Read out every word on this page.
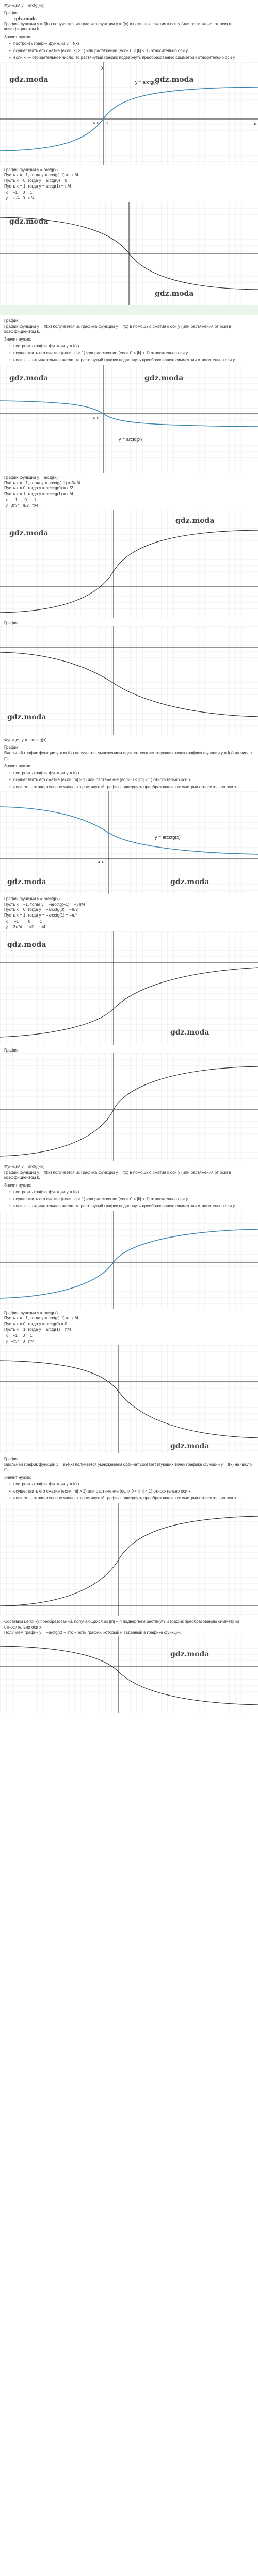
Функция y = arctg(−x)
График:
gdz.moda
График функции y = f(kx) получается из графика функции y = f(x) в помощью сжатия к оси y (или растяжения от оси) в коэффициентом k.
Значит нужно:
• построить график функции y = f(x)
• осуществить его сжатие (если |k| > 1) или растяжение (если 0 < |k| < 1) относительно оси y
• если k — отрицательное число, то растянутый график подвернуть преобразованию симметрии относительно оси y
y
x
y = arctg(x)
gdz.moda	gdz.moda
−4 0 1
График функции y = arctg(x)
Пусть x = −1, тогда y = arctg(−1) = −π/4
Пусть x = 0, тогда y = arctg(0) = 0
Пусть x = 1, тогда y = arctg(1) = π/4
x	−1	0	1
y	−π/4	0	π/4
gdz.moda
gdz.moda
График:
График функции y = f(kx) получается из графика функции y = f(x) в помощью сжатия к оси y (или растяжения от оси) в коэффициентом k.
Значит нужно:
• построить график функции y = f(x)
• осуществить его сжатие (если |k| > 1) или растяжение (если 0 < |k| < 1) относительно оси y
• если k — отрицательное число, то растянутый график подвернуть преобразованию симметрии относительно оси y
y = arctg(x)
gdz.moda	gdz.moda
−4 0
График функции y = arctg(x)
Пусть x = −1, тогда y = arcctg(−1) = 3π/4
Пусть x = 0, тогда y = arcctg(0) = π/2
Пусть x = 1, тогда y = arcctg(1) = π/4
x	−1	0	1
y	3π/4	π/2	π/4
gdz.moda
gdz.moda
График:
gdz.moda
Функция y = −arcctg(x)
График:
Вдольней график функции y = m·f(x) получается умножением ординат соответствующих точек графика функции y = f(x) на число m.
Значит нужно:
• построить график функции y = f(x)
• осуществить его сжатие (если |m| > 1) или растяжение (если 0 < |m| < 1) относительно оси x
• если m — отрицательное число, то растянутый график подвернуть преобразованию симметрии относительно оси x
y = arcctg(x)
gdz.moda	gdz.moda
−4 0
График функции y = arcctg(x)
Пусть x = −1, тогда y = −arcctg(−1) = −3π/4
Пусть x = 0, тогда y = −arcctg(0) = −π/2
Пусть x = 1, тогда y = −arcctg(1) = −π/4
x	−1	0	1
y	−3π/4	−π/2	−π/4
gdz.moda
gdz.moda
График:
Функция y = arctg(−x)
График функции y = f(kx) получается из графика функции y = f(x) в помощью сжатия к оси y (или растяжения от оси) в коэффициентом k.
Значит нужно:
• построить график функции y = f(x)
• осуществить его сжатие (если |k| > 1) или растяжение (если 0 < |k| < 1) относительно оси y
• если k — отрицательное число, то растянутый график подвернуть преобразованию симметрии относительно оси y
График функции y = arctg(x)
Пусть x = −1, тогда y = arctg(−1) = −π/4
Пусть x = 0, тогда y = arctg(0) = 0
Пусть x = 1, тогда y = arctg(1) = π/4
x	−1	0	1
y	−π/4	0	π/4
gdz.moda
График:
Вдольней график функции y = m·f(x) получается умножением ординат соответствующих точек графика функции y = f(x) на число m.
Значит нужно:
• построить график функции y = f(x)
• осуществить его сжатие (если |m| > 1) или растяжение (если 0 < |m| < 1) относительно оси x
• если m — отрицательное число, то растянутый график подвернуть преобразованию симметрии относительно оси x
Составим цепочку преобразований, получающихся из |m| − n подвергнем растянутый график преобразованию симметрии относительно оси x.
Получаем график y = −arctg(x) − это и есть график, который и заданный в графике функции.
gdz.moda
